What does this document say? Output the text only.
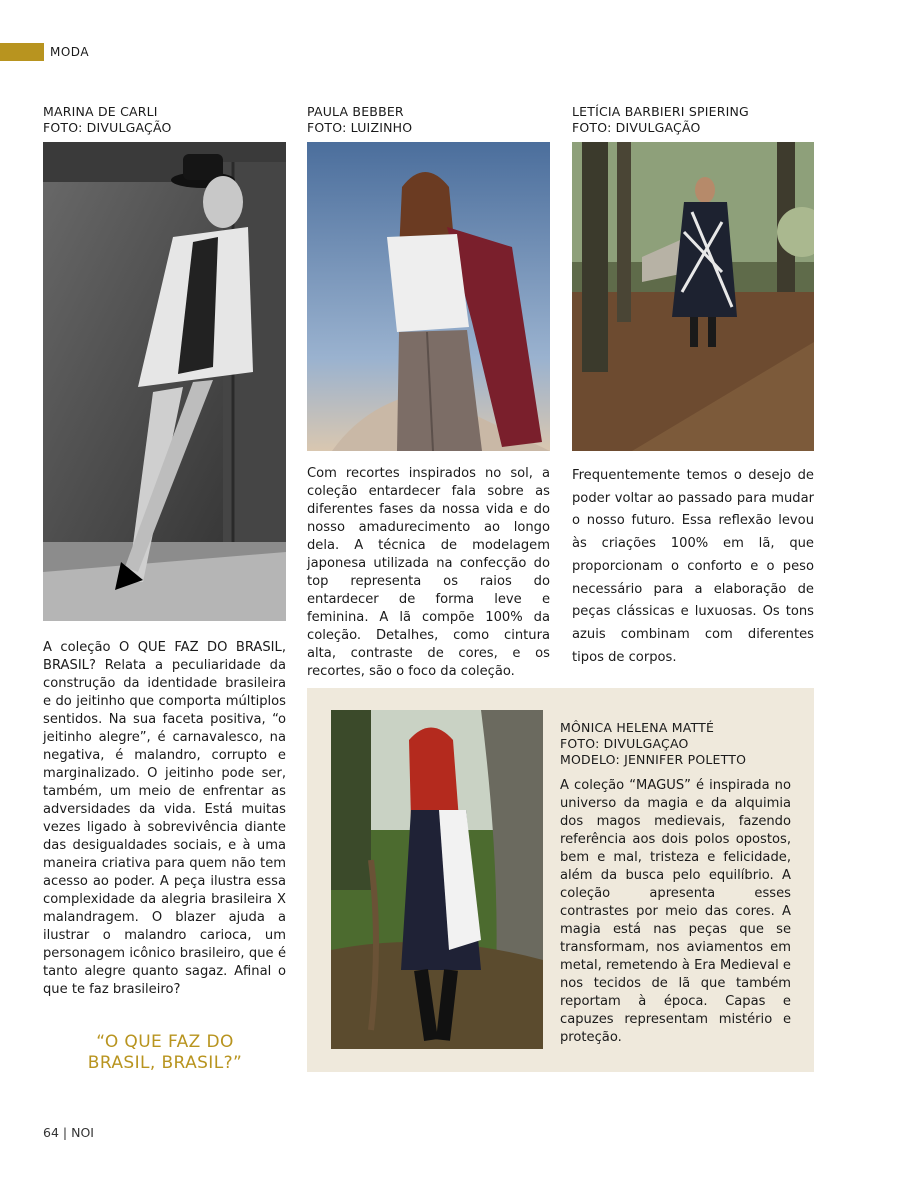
MODA
MARINA DE CARLI
FOTO: DIVULGAÇÃO

A coleção O QUE FAZ DO BRASIL, BRASIL? Relata a peculiaridade da construção da identidade brasileira e do jeitinho que comporta múltiplos sentidos. Na sua faceta positiva, “o jeitinho alegre”, é carnavalesco, na negativa, é malandro, corrupto e marginalizado. O jeitinho pode ser, também, um meio de enfrentar as adversidades da vida. Está muitas vezes ligado à sobrevivência diante das desigualdades sociais, e à uma maneira criativa para quem não tem acesso ao poder. A peça ilustra essa complexidade da alegria brasileira X malandragem. O blazer ajuda a ilustrar o malandro carioca, um personagem icônico brasileiro, que é tanto alegre quanto sagaz. Afinal o que te faz brasileiro?

“O QUE FAZ DO BRASIL, BRASIL?”
PAULA BEBBER
FOTO: LUIZINHO

Com recortes inspirados no sol, a coleção entardecer fala sobre as diferentes fases da nossa vida e do nosso amadurecimento ao longo dela. A técnica de modelagem japonesa utilizada na confecção do top representa os raios do entardecer de forma leve e feminina. A lã compõe 100% da coleção. Detalhes, como cintura alta, contraste de cores, e os recortes, são o foco da coleção.

LETÍCIA BARBIERI SPIERING
FOTO: DIVULGAÇÃO

Frequentemente temos o desejo de poder voltar ao passado para mudar o nosso futuro. Essa reflexão levou às criações 100% em lã, que proporcionam o conforto e o peso necessário para a elaboração de peças clássicas e luxuosas. Os tons azuis combinam com diferentes tipos de corpos.

MÔNICA HELENA MATTÉ
FOTO: DIVULGAÇAO
MODELO: JENNIFER POLETTO

A coleção “MAGUS” é inspirada no universo da magia e da alquimia dos magos medievais, fazendo referência aos dois polos opostos, bem e mal, tristeza e felicidade, além da busca pelo equilíbrio. A coleção apresenta esses contrastes por meio das cores. A magia está nas peças que se transformam, nos aviamentos em metal, remetendo à Era Medieval e nos tecidos de lã que também reportam à época. Capas e capuzes representam mistério e proteção.

64 | NOI
